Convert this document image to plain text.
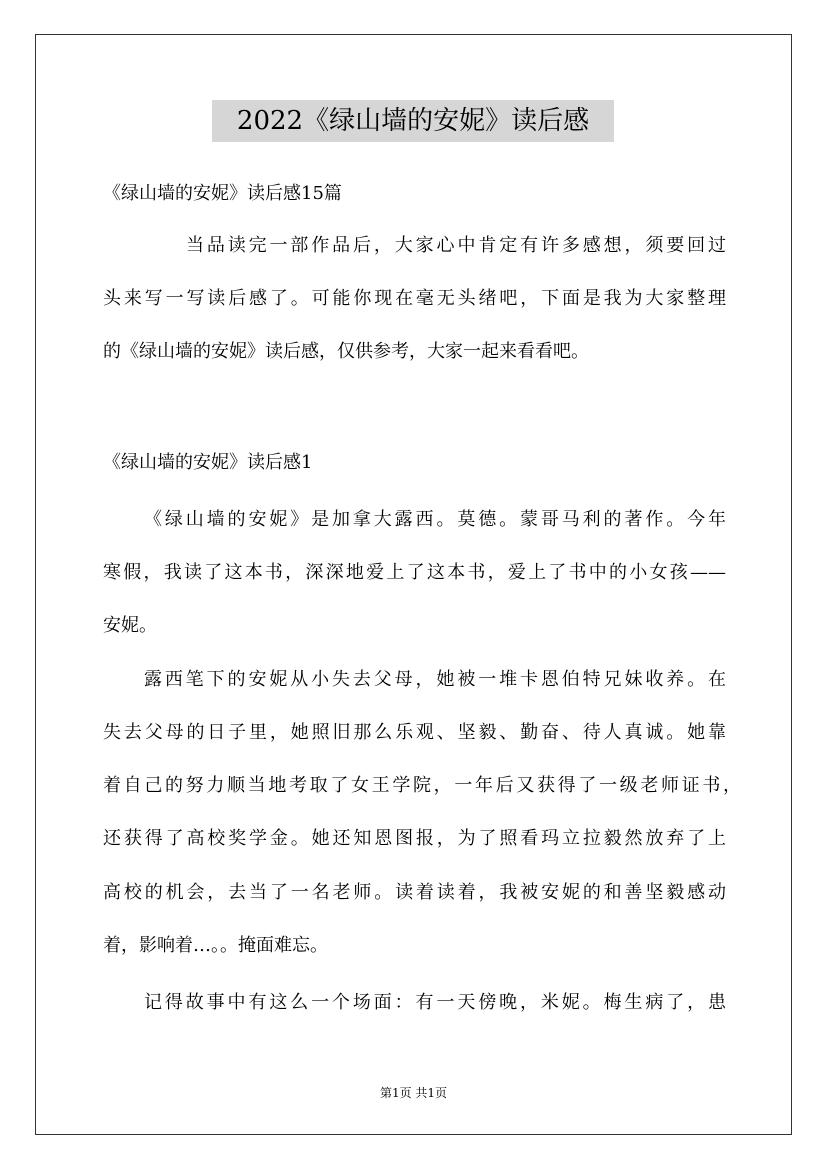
2022《绿山墙的安妮》读后感
《绿山墙的安妮》读后感15篇
当品读完一部作品后，大家心中肯定有许多感想，须要回过
头来写一写读后感了。可能你现在毫无头绪吧，下面是我为大家整理
的《绿山墙的安妮》读后感，仅供参考，大家一起来看看吧。
《绿山墙的安妮》读后感1
《绿山墙的安妮》是加拿大露西。莫德。蒙哥马利的著作。今年
寒假，我读了这本书，深深地爱上了这本书，爱上了书中的小女孩——
安妮。
露西笔下的安妮从小失去父母，她被一堆卡恩伯特兄妹收养。在
失去父母的日子里，她照旧那么乐观、坚毅、勤奋、待人真诚。她靠
着自己的努力顺当地考取了女王学院，一年后又获得了一级老师证书，
还获得了高校奖学金。她还知恩图报，为了照看玛立拉毅然放弃了上
高校的机会，去当了一名老师。读着读着，我被安妮的和善坚毅感动
着，影响着…。。掩面难忘。
记得故事中有这么一个场面：有一天傍晚，米妮。梅生病了，患
第1页 共1页
